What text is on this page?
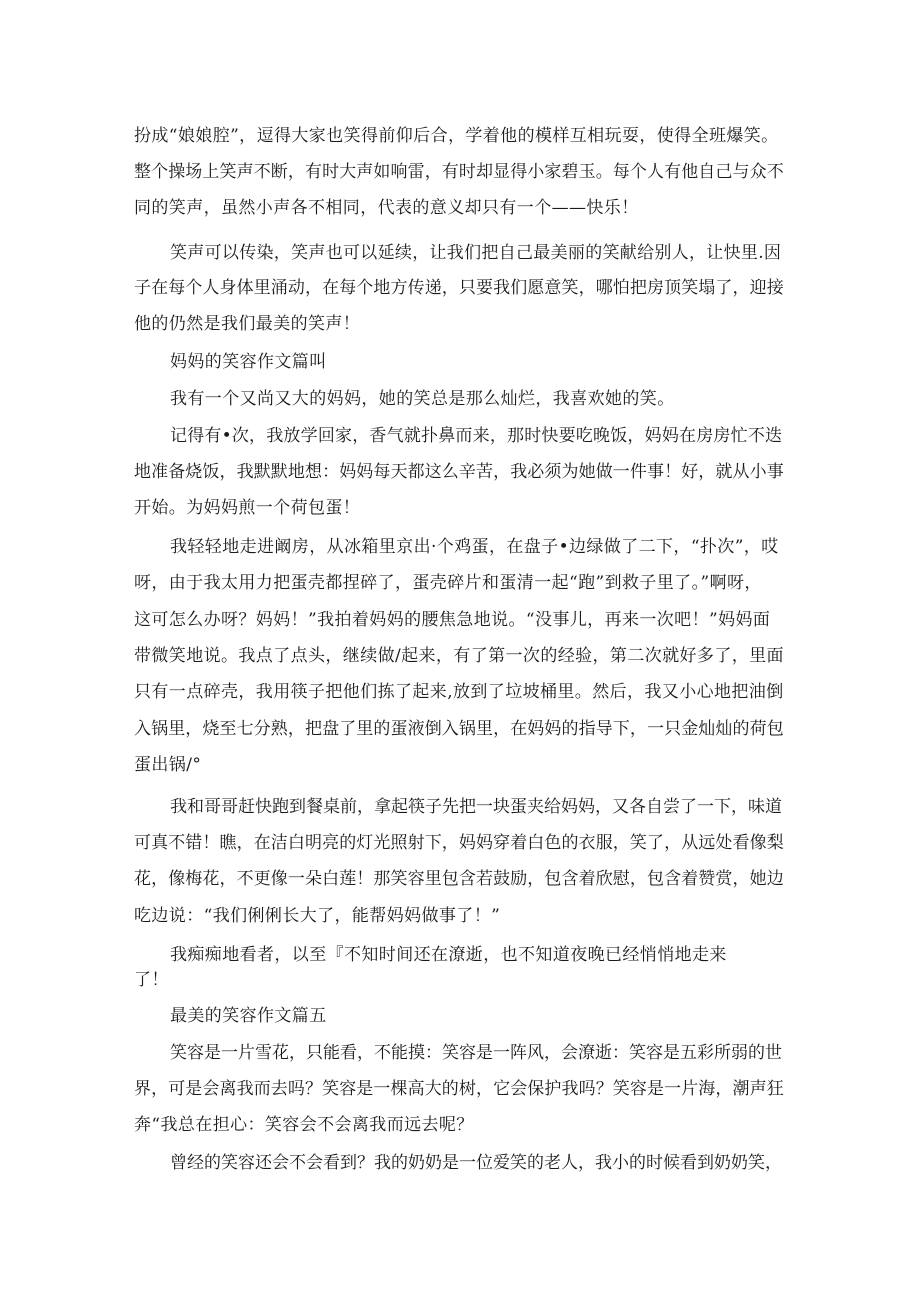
扮成“娘娘腔”，逗得大家也笑得前仰后合，学着他的模样互相玩耍，使得全班爆笑。
整个操场上笑声不断，有时大声如响雷，有时却显得小家碧玉。每个人有他自己与众不
同的笑声，虽然小声各不相同，代表的意义却只有一个——快乐！
笑声可以传染，笑声也可以延续，让我们把自己最美丽的笑献给别人，让快里.因
子在每个人身体里涌动，在每个地方传递，只要我们愿意笑，哪怕把房顶笑塌了，迎接
他的仍然是我们最美的笑声！
妈妈的笑容作文篇叫
我有一个又尚又大的妈妈，她的笑总是那么灿烂，我喜欢她的笑。
记得有•次，我放学回家，香气就扑鼻而来，那时快要吃晚饭，妈妈在房房忙不迭
地准备烧饭，我默默地想：妈妈每天都这么辛苦，我必须为她做一件事！好，就从小事
开始。为妈妈煎一个荷包蛋！
我轻轻地走进阚房，从冰箱里京出·个鸡蛋，在盘子•边绿做了二下，“扑次”，哎
呀，由于我太用力把蛋壳都捏碎了，蛋壳碎片和蛋清一起“跑”到救子里了。”啊呀，
这可怎么办呀？妈妈！”我拍着妈妈的腰焦急地说。“没事儿，再来一次吧！”妈妈面
带微笑地说。我点了点头，继续做/起来，有了第一次的经验，第二次就好多了，里面
只有一点碎壳，我用筷子把他们拣了起来,放到了垃坡桶里。然后，我又小心地把油倒
入锅里，烧至七分熟，把盘了里的蛋液倒入锅里，在妈妈的指导下，一只金灿灿的荷包
蛋出锅/°
我和哥哥赶快跑到餐桌前，拿起筷子先把一块蛋夹给妈妈，又各自尝了一下，味道
可真不错！瞧，在洁白明亮的灯光照射下，妈妈穿着白色的衣服，笑了，从远处看像梨
花，像梅花，不更像一朵白莲！那笑容里包含若鼓励，包含着欣慰，包含着赞赏，她边
吃边说：“我们俐俐长大了，能帮妈妈做事了！”
我痴痴地看者，以至『不知时间还在潦逝，也不知道夜晚已经悄悄地走来
了！
最美的笑容作文篇五
笑容是一片雪花，只能看，不能摸：笑容是一阵风，会潦逝：笑容是五彩所弱的世
界，可是会离我而去吗？笑容是一棵高大的树，它会保护我吗？笑容是一片海，潮声狂
奔“我总在担心：笑容会不会离我而远去呢？
曾经的笑容还会不会看到？我的奶奶是一位爱笑的老人，我小的时候看到奶奶笑，
